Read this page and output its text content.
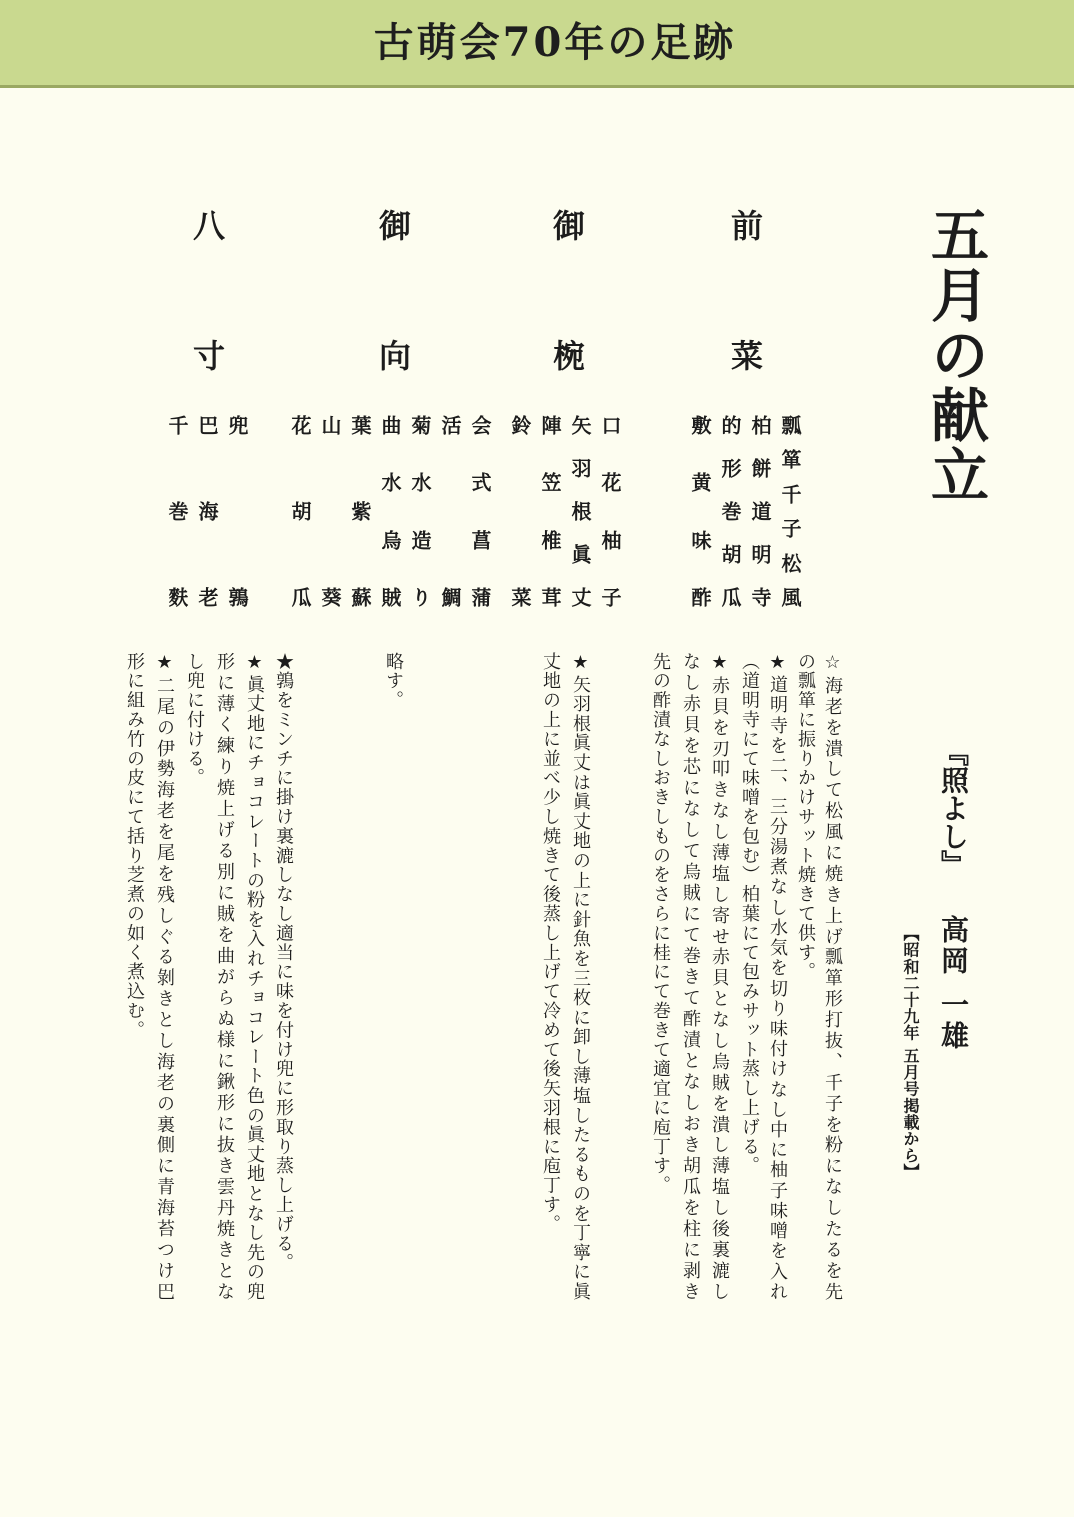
古萌会70年の足跡
五月の献立
『照よし』
高岡 一雄
【昭和二十九年 五月号掲載から】
前
菜
瓢
箪
千
子
松
風
柏
餅
道
明
寺
的
形
巻
胡
瓜
敷
黄
味
酢
御
椀
口
花
柚
子
矢
羽
根
眞
丈
陣
笠
椎
茸
鈴
菜
御
向
会
式
菖
蒲
活
鯛
菊
水
造
り
曲
水
烏
賊
葉
紫
蘇
山
葵
花
胡
瓜
八
寸
兜
鶉
巴
海
老
千
巻
麩
☆
海
老
を
潰
し
て
松
風
に
焼
き
上
げ
瓢
箪
形
打
抜
、
千
子
を
粉
に
な
し
た
る
を
先
の瓢箪に振りかけサット焼きて供す。
★
道
明
寺
を
二
、
三
分
湯
煮
な
し
水
気
を
切
り
味
付
け
な
し
中
に
柚
子
味
噌
を
入
れ
（道明寺にて味噌を包む）柏葉にて包みサット蒸し上げる。
★
赤
貝
を
刃
叩
き
な
し
薄
塩
し
寄
せ
赤
貝
と
な
し
烏
賊
を
潰
し
薄
塩
し
後
裏
漉
し
な
し
赤
貝
を
芯
に
な
し
て
烏
賊
に
て
巻
き
て
酢
漬
と
な
し
お
き
胡
瓜
を
柱
に
剥
き
先の酢漬なしおきしものをさらに桂にて巻きて適宜に庖丁す。
★
矢
羽
根
眞
丈
は
眞
丈
地
の
上
に
針
魚
を
三
枚
に
卸
し
薄
塩
し
た
る
も
の
を
丁
寧
に
眞
丈地の上に並べ少し焼きて後蒸し上げて冷めて後矢羽根に庖丁す。
略す。
★鶉をミンチに掛け裏漉しなし適当に味を付け兜に形取り蒸し上げる。
★
眞
丈
地
に
チ
ョ
コ
レ
ー
ト
の
粉
を
入
れ
チ
ョ
コ
レ
ー
ト
色
の
眞
丈
地
と
な
し
先
の
兜
形
に
薄
く
練
り
焼
上
げ
る
別
に
賊
を
曲
が
ら
ぬ
様
に
鍬
形
に
抜
き
雲
丹
焼
き
と
な
し兜に付ける。
★
二
尾
の
伊
勢
海
老
を
尾
を
残
し
ぐ
る
剝
き
と
し
海
老
の
裏
側
に
青
海
苔
つ
け
巴
形に組み竹の皮にて括り芝煮の如く煮込む。
